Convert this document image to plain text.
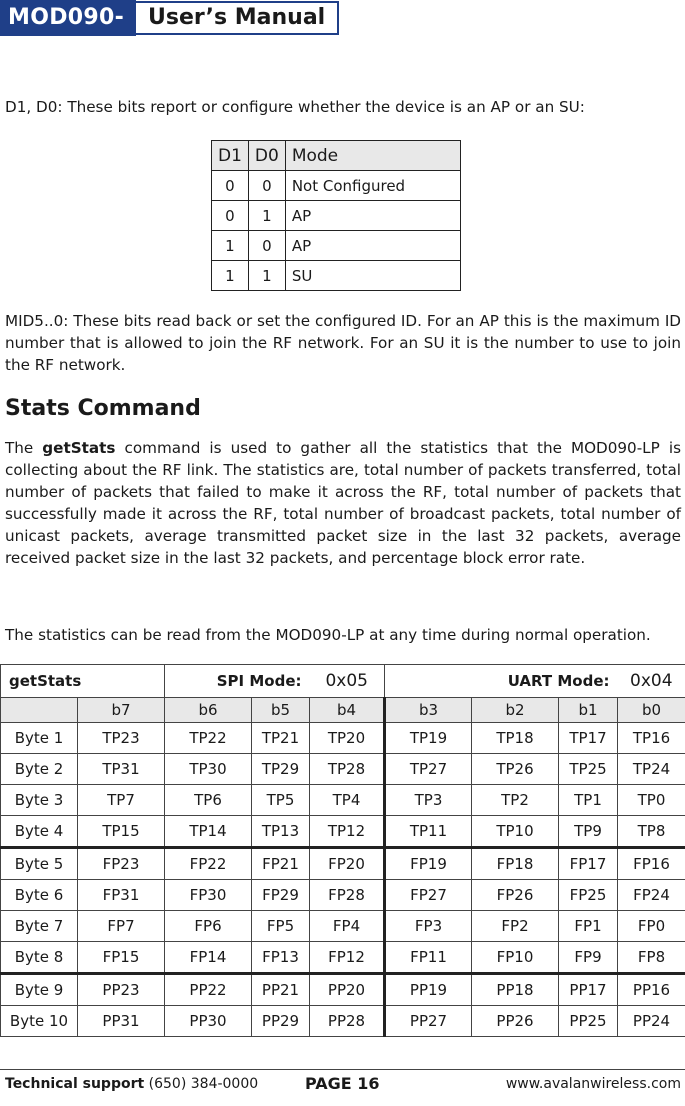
MOD090-LP
User’s Manual
D1, D0: These bits report or configure whether the device is an AP or an SU:
D1	D0	Mode
0	0	Not Configured
0	1	AP
1	0	AP
1	1	SU
MID5..0: These bits read back or set the configured ID. For an AP this is the maximum ID number that is allowed to join the RF network. For an SU it is the number to use to join the RF network.
Stats Command
The getStats command is used to gather all the statistics that the MOD090-LP is collecting about the RF link. The statistics are, total number of packets transferred, total number of packets that failed to make it across the RF, total number of packets that successfully made it across the RF, total number of broadcast packets, total number of unicast packets, average transmitted packet size in the last 32 packets, average received packet size in the last 32 packets, and percentage block error rate.
The statistics can be read from the MOD090-LP at any time during normal operation.
getStats		SPI Mode:		0x05	UART Mode:			0x04
	b7	b6	b5	b4	b3	b2	b1	b0
Byte 1	TP23	TP22	TP21	TP20	TP19	TP18	TP17	TP16
Byte 2	TP31	TP30	TP29	TP28	TP27	TP26	TP25	TP24
Byte 3	TP7	TP6	TP5	TP4	TP3	TP2	TP1	TP0
Byte 4	TP15	TP14	TP13	TP12	TP11	TP10	TP9	TP8
Byte 5	FP23	FP22	FP21	FP20	FP19	FP18	FP17	FP16
Byte 6	FP31	FP30	FP29	FP28	FP27	FP26	FP25	FP24
Byte 7	FP7	FP6	FP5	FP4	FP3	FP2	FP1	FP0
Byte 8	FP15	FP14	FP13	FP12	FP11	FP10	FP9	FP8
Byte 9	PP23	PP22	PP21	PP20	PP19	PP18	PP17	PP16
Byte 10	PP31	PP30	PP29	PP28	PP27	PP26	PP25	PP24
Technical support (650) 384-0000	PAGE 16	www.avalanwireless.com
